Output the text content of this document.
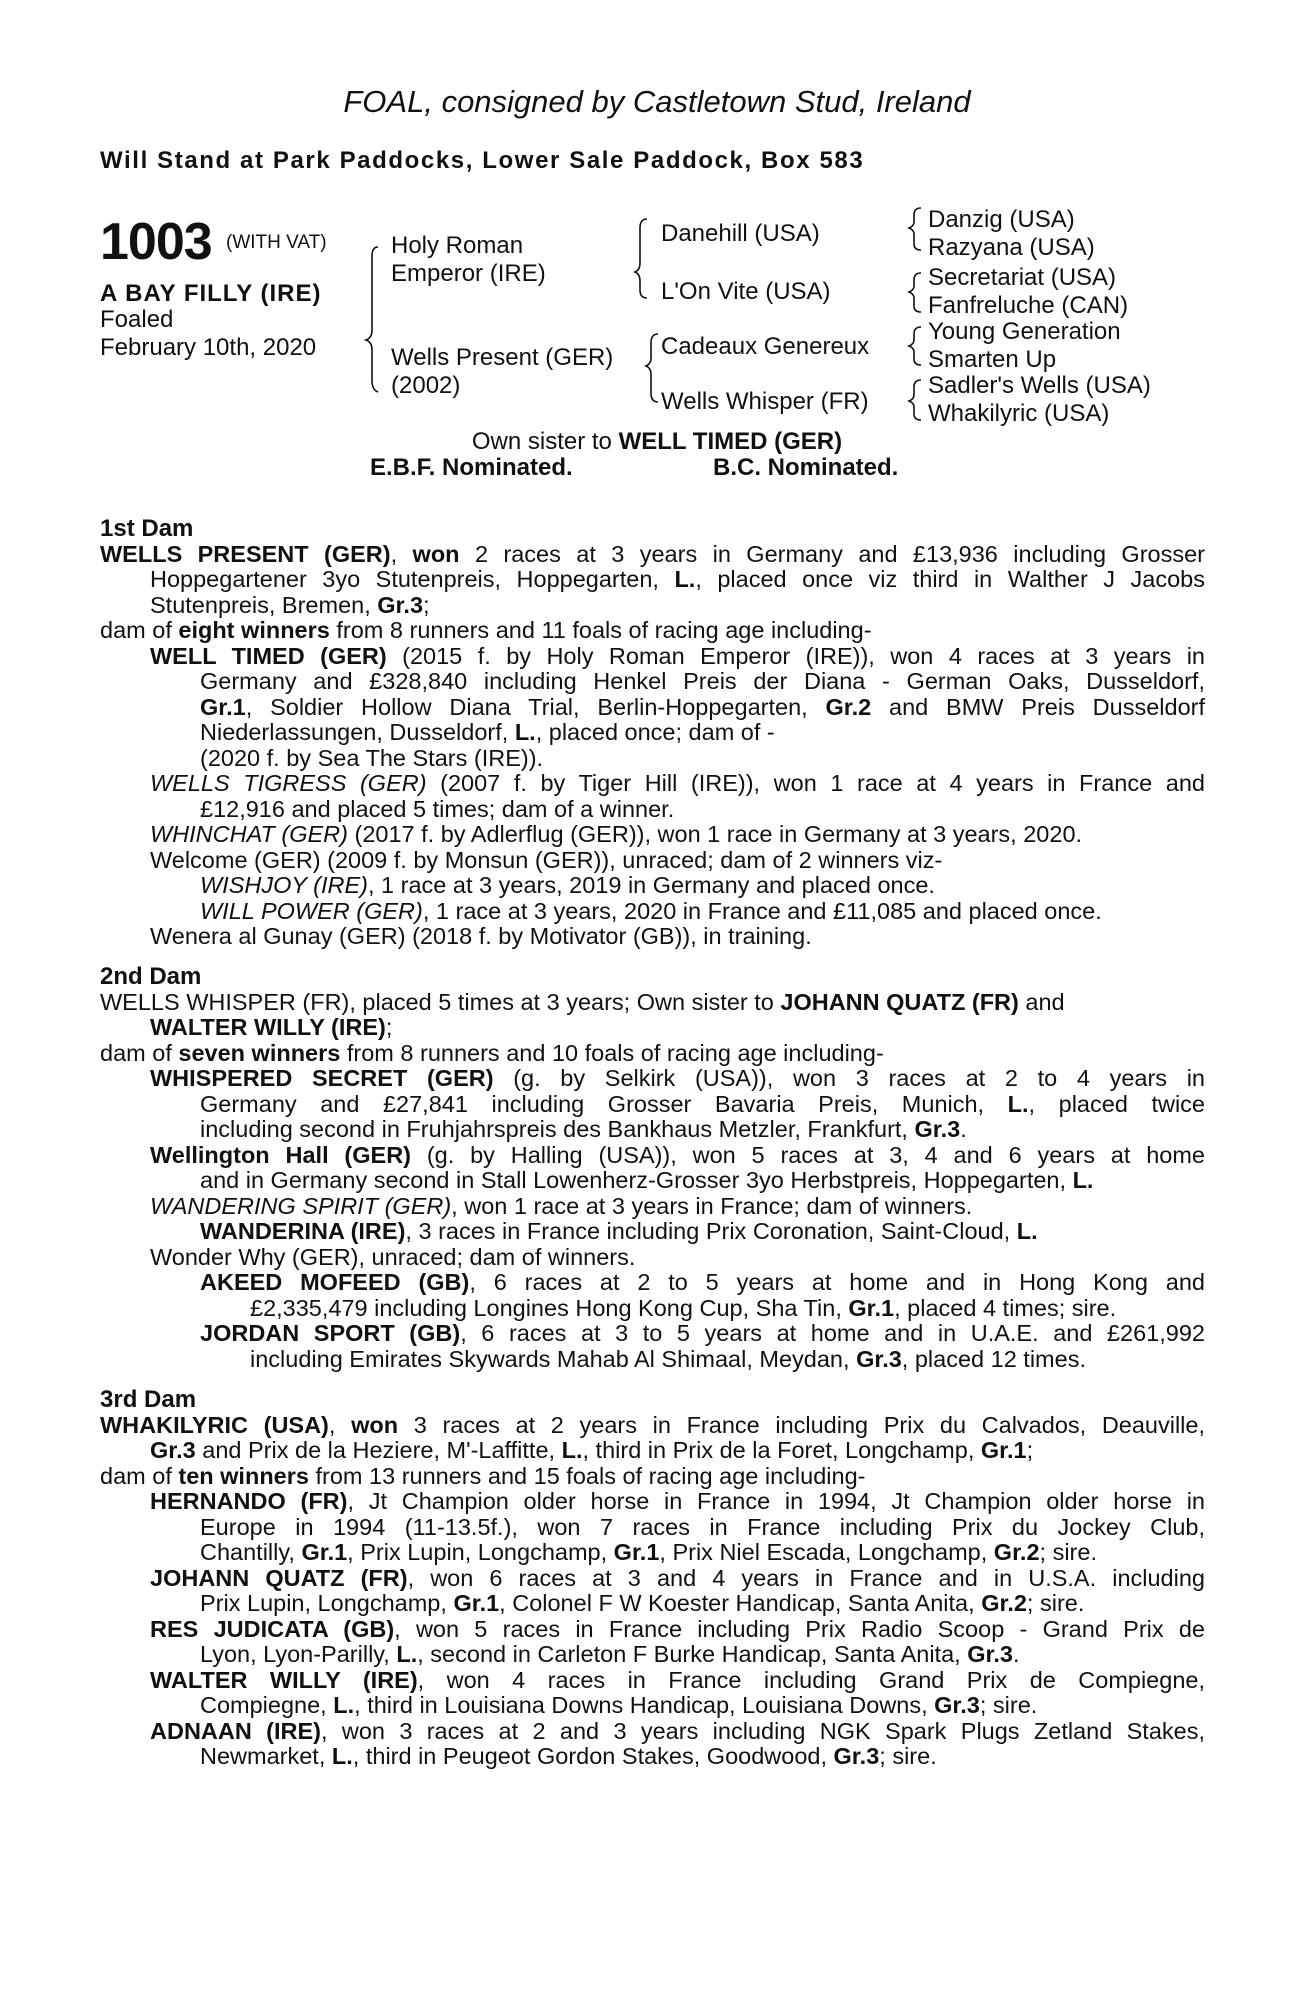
FOAL, consigned by Castletown Stud, Ireland
Will Stand at Park Paddocks, Lower Sale Paddock, Box 583
1003 (WITH VAT)
A BAY FILLY (IRE)
Foaled
February 10th, 2020
Holy Roman
Emperor (IRE)
Wells Present (GER)
(2002)
Danehill (USA)
L'On Vite (USA)
Cadeaux Genereux
Wells Whisper (FR)
Danzig (USA)
Razyana (USA)
Secretariat (USA)
Fanfreluche (CAN)
Young Generation
Smarten Up
Sadler's Wells (USA)
Whakilyric (USA)
Own sister to WELL TIMED (GER)
E.B.F. Nominated.	B.C. Nominated.
1st Dam
WELLS PRESENT (GER), won 2 races at 3 years in Germany and £13,936 including Grosser
Hoppegartener 3yo Stutenpreis, Hoppegarten, L., placed once viz third in Walther J Jacobs
Stutenpreis, Bremen, Gr.3;
dam of eight winners from 8 runners and 11 foals of racing age including-
WELL TIMED (GER) (2015 f. by Holy Roman Emperor (IRE)), won 4 races at 3 years in
Germany and £328,840 including Henkel Preis der Diana - German Oaks, Dusseldorf,
Gr.1, Soldier Hollow Diana Trial, Berlin-Hoppegarten, Gr.2 and BMW Preis Dusseldorf
Niederlassungen, Dusseldorf, L., placed once; dam of -
(2020 f. by Sea The Stars (IRE)).
WELLS TIGRESS (GER) (2007 f. by Tiger Hill (IRE)), won 1 race at 4 years in France and
£12,916 and placed 5 times; dam of a winner.
WHINCHAT (GER) (2017 f. by Adlerflug (GER)), won 1 race in Germany at 3 years, 2020.
Welcome (GER) (2009 f. by Monsun (GER)), unraced; dam of 2 winners viz-
WISHJOY (IRE), 1 race at 3 years, 2019 in Germany and placed once.
WILL POWER (GER), 1 race at 3 years, 2020 in France and £11,085 and placed once.
Wenera al Gunay (GER) (2018 f. by Motivator (GB)), in training.
2nd Dam
WELLS WHISPER (FR), placed 5 times at 3 years; Own sister to JOHANN QUATZ (FR) and
WALTER WILLY (IRE);
dam of seven winners from 8 runners and 10 foals of racing age including-
WHISPERED SECRET (GER) (g. by Selkirk (USA)), won 3 races at 2 to 4 years in
Germany and £27,841 including Grosser Bavaria Preis, Munich, L., placed twice
including second in Fruhjahrspreis des Bankhaus Metzler, Frankfurt, Gr.3.
Wellington Hall (GER) (g. by Halling (USA)), won 5 races at 3, 4 and 6 years at home
and in Germany second in Stall Lowenherz-Grosser 3yo Herbstpreis, Hoppegarten, L.
WANDERING SPIRIT (GER), won 1 race at 3 years in France; dam of winners.
WANDERINA (IRE), 3 races in France including Prix Coronation, Saint-Cloud, L.
Wonder Why (GER), unraced; dam of winners.
AKEED MOFEED (GB), 6 races at 2 to 5 years at home and in Hong Kong and
£2,335,479 including Longines Hong Kong Cup, Sha Tin, Gr.1, placed 4 times; sire.
JORDAN SPORT (GB), 6 races at 3 to 5 years at home and in U.A.E. and £261,992
including Emirates Skywards Mahab Al Shimaal, Meydan, Gr.3, placed 12 times.
3rd Dam
WHAKILYRIC (USA), won 3 races at 2 years in France including Prix du Calvados, Deauville,
Gr.3 and Prix de la Heziere, M'-Laffitte, L., third in Prix de la Foret, Longchamp, Gr.1;
dam of ten winners from 13 runners and 15 foals of racing age including-
HERNANDO (FR), Jt Champion older horse in France in 1994, Jt Champion older horse in
Europe in 1994 (11-13.5f.), won 7 races in France including Prix du Jockey Club,
Chantilly, Gr.1, Prix Lupin, Longchamp, Gr.1, Prix Niel Escada, Longchamp, Gr.2; sire.
JOHANN QUATZ (FR), won 6 races at 3 and 4 years in France and in U.S.A. including
Prix Lupin, Longchamp, Gr.1, Colonel F W Koester Handicap, Santa Anita, Gr.2; sire.
RES JUDICATA (GB), won 5 races in France including Prix Radio Scoop - Grand Prix de
Lyon, Lyon-Parilly, L., second in Carleton F Burke Handicap, Santa Anita, Gr.3.
WALTER WILLY (IRE), won 4 races in France including Grand Prix de Compiegne,
Compiegne, L., third in Louisiana Downs Handicap, Louisiana Downs, Gr.3; sire.
ADNAAN (IRE), won 3 races at 2 and 3 years including NGK Spark Plugs Zetland Stakes,
Newmarket, L., third in Peugeot Gordon Stakes, Goodwood, Gr.3; sire.
